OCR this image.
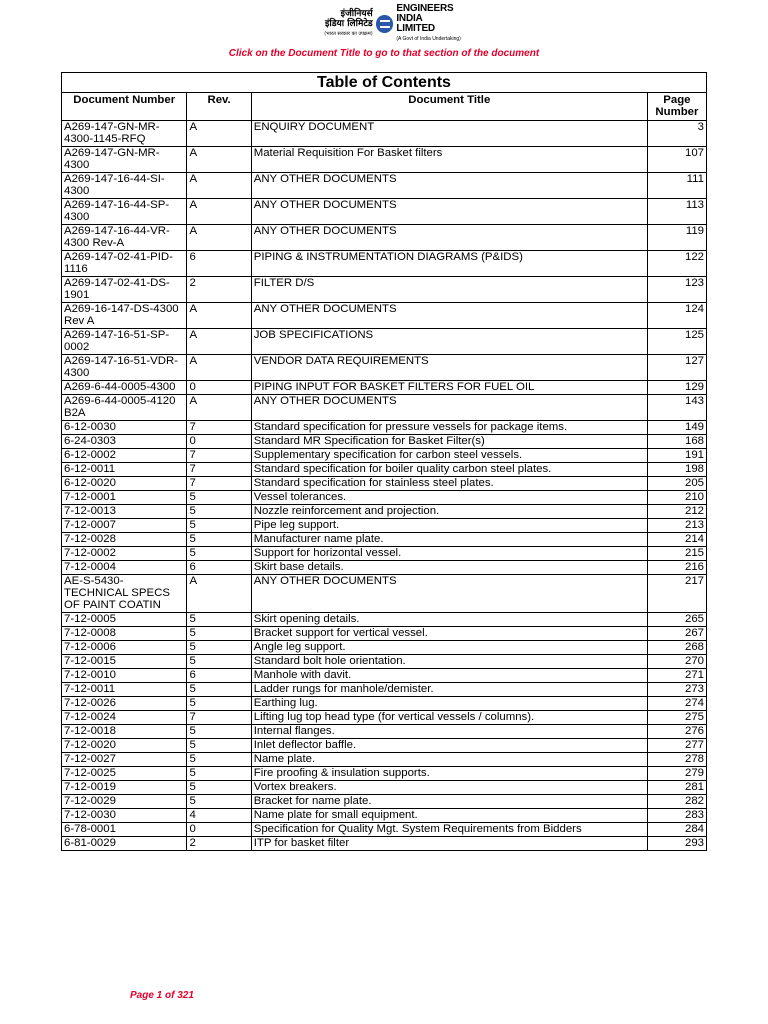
इंजीनियर्स
इंडिया लिमिटेड
(भारत सरकार का उपक्रम)
ENGINEERS
INDIA LIMITED
(A Govt of India Undertaking)
Click on the Document Title to go to that section of the document
Table of Contents			
Document Number	Rev.	Document Title	Page Number
A269-147-GN-MR-4300-1145-RFQ	A	ENQUIRY DOCUMENT	3
A269-147-GN-MR-4300	A	Material Requisition For Basket filters	107
A269-147-16-44-SI-4300	A	ANY OTHER DOCUMENTS	111
A269-147-16-44-SP-4300	A	ANY OTHER DOCUMENTS	113
A269-147-16-44-VR-4300 Rev-A	A	ANY OTHER DOCUMENTS	119
A269-147-02-41-PID-1116	6	PIPING & INSTRUMENTATION DIAGRAMS (P&IDS)	122
A269-147-02-41-DS-1901	2	FILTER D/S	123
A269-16-147-DS-4300 Rev A	A	ANY OTHER DOCUMENTS	124
A269-147-16-51-SP-0002	A	JOB SPECIFICATIONS	125
A269-147-16-51-VDR-4300	A	VENDOR DATA REQUIREMENTS	127
A269-6-44-0005-4300	0	PIPING INPUT FOR BASKET FILTERS FOR FUEL OIL	129
A269-6-44-0005-4120 B2A	A	ANY OTHER DOCUMENTS	143
6-12-0030	7	Standard specification for pressure vessels for package items.	149
6-24-0303	0	Standard MR Specification for Basket Filter(s)	168
6-12-0002	7	Supplementary specification for carbon steel vessels.	191
6-12-0011	7	Standard specification for boiler quality carbon steel plates.	198
6-12-0020	7	Standard specification for stainless steel plates.	205
7-12-0001	5	Vessel tolerances.	210
7-12-0013	5	Nozzle reinforcement and projection.	212
7-12-0007	5	Pipe leg support.	213
7-12-0028	5	Manufacturer name plate.	214
7-12-0002	5	Support for horizontal vessel.	215
7-12-0004	6	Skirt base details.	216
AE-S-5430-TECHNICAL SPECS OF PAINT COATIN	A	ANY OTHER DOCUMENTS	217
7-12-0005	5	Skirt opening details.	265
7-12-0008	5	Bracket support for vertical vessel.	267
7-12-0006	5	Angle leg support.	268
7-12-0015	5	Standard bolt hole orientation.	270
7-12-0010	6	Manhole with davit.	271
7-12-0011	5	Ladder rungs for manhole/demister.	273
7-12-0026	5	Earthing lug.	274
7-12-0024	7	Lifting lug top head type (for vertical vessels / columns).	275
7-12-0018	5	Internal flanges.	276
7-12-0020	5	Inlet deflector baffle.	277
7-12-0027	5	Name plate.	278
7-12-0025	5	Fire proofing & insulation supports.	279
7-12-0019	5	Vortex breakers.	281
7-12-0029	5	Bracket for name plate.	282
7-12-0030	4	Name plate for small equipment.	283
6-78-0001	0	Specification for Quality Mgt. System Requirements from Bidders	284
6-81-0029	2	ITP for basket filter	293
Page 1 of 321
